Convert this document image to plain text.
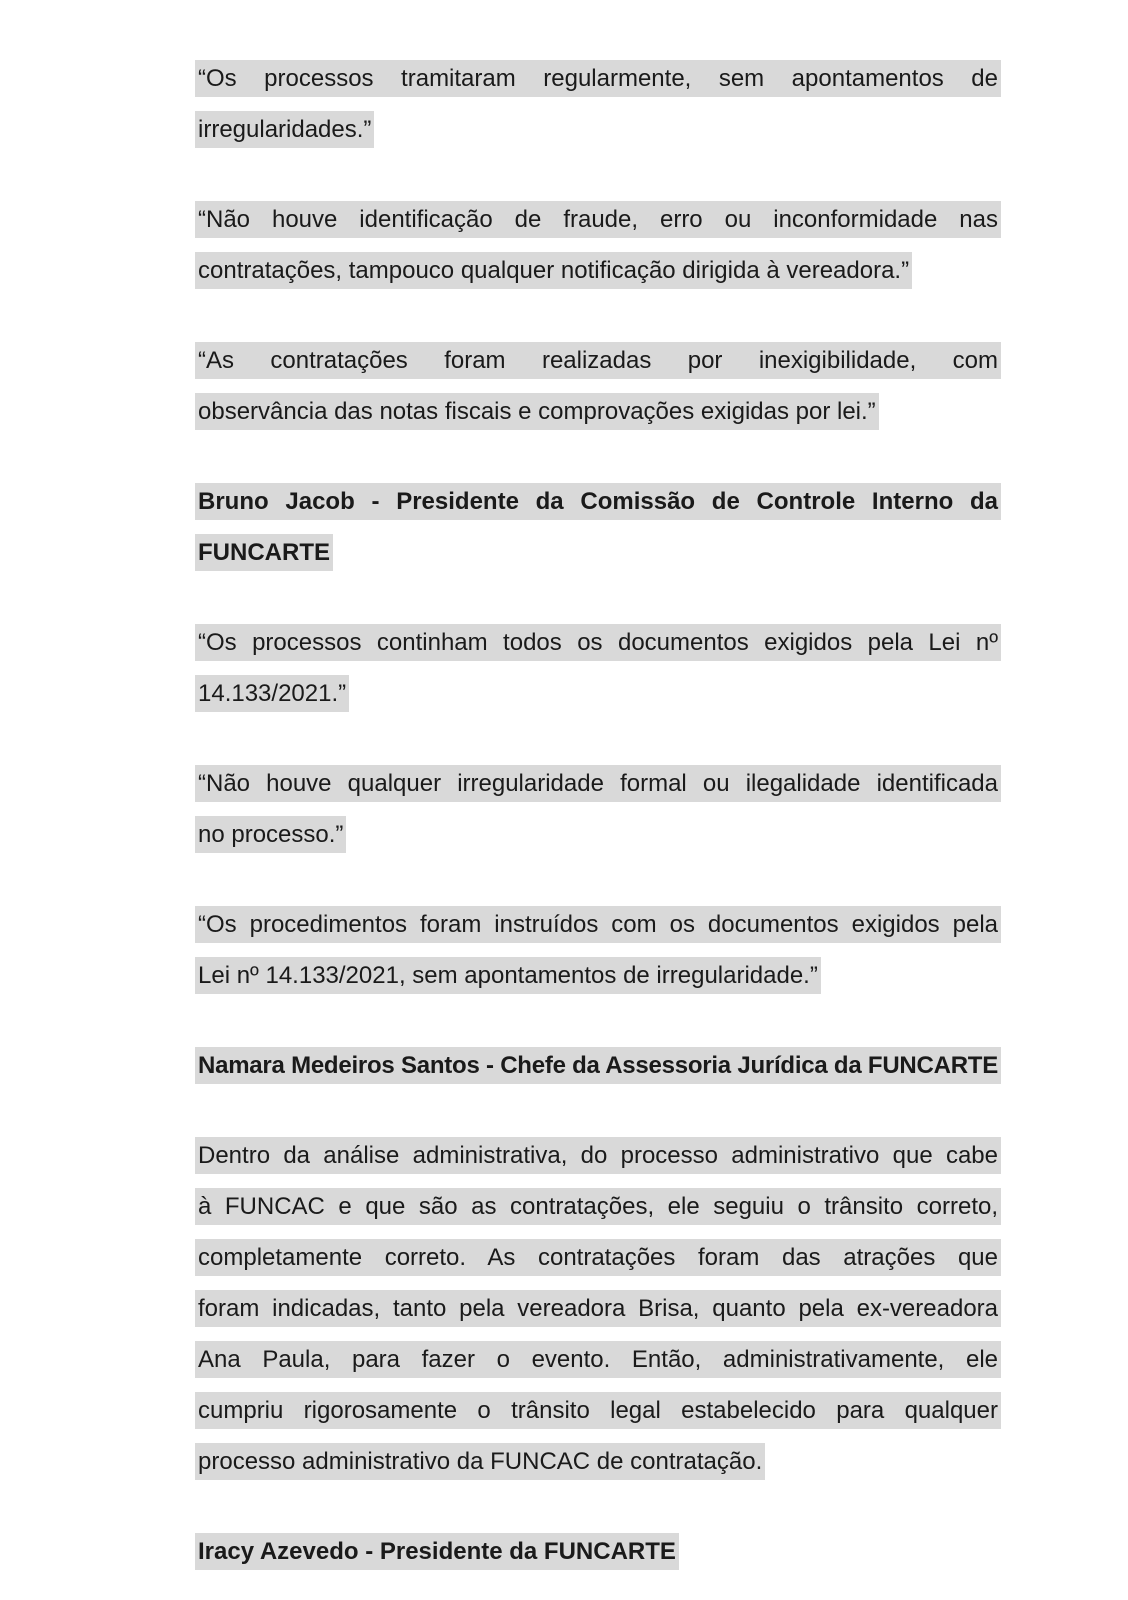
“Os processos tramitaram regularmente, sem apontamentos de
irregularidades.”
“Não houve identificação de fraude, erro ou inconformidade nas
contratações, tampouco qualquer notificação dirigida à vereadora.”
“As contratações foram realizadas por inexigibilidade, com
observância das notas fiscais e comprovações exigidas por lei.”
Bruno Jacob - Presidente da Comissão de Controle Interno da
FUNCARTE
“Os processos continham todos os documentos exigidos pela Lei nº
14.133/2021.”
“Não houve qualquer irregularidade formal ou ilegalidade identificada
no processo.”
“Os procedimentos foram instruídos com os documentos exigidos pela
Lei nº 14.133/2021, sem apontamentos de irregularidade.”
Namara Medeiros Santos - Chefe da Assessoria Jurídica da FUNCARTE
Dentro da análise administrativa, do processo administrativo que cabe
à FUNCAC e que são as contratações, ele seguiu o trânsito correto,
completamente correto. As contratações foram das atrações que
foram indicadas, tanto pela vereadora Brisa, quanto pela ex-vereadora
Ana Paula, para fazer o evento. Então, administrativamente, ele
cumpriu rigorosamente o trânsito legal estabelecido para qualquer
processo administrativo da FUNCAC de contratação.
Iracy Azevedo - Presidente da FUNCARTE
